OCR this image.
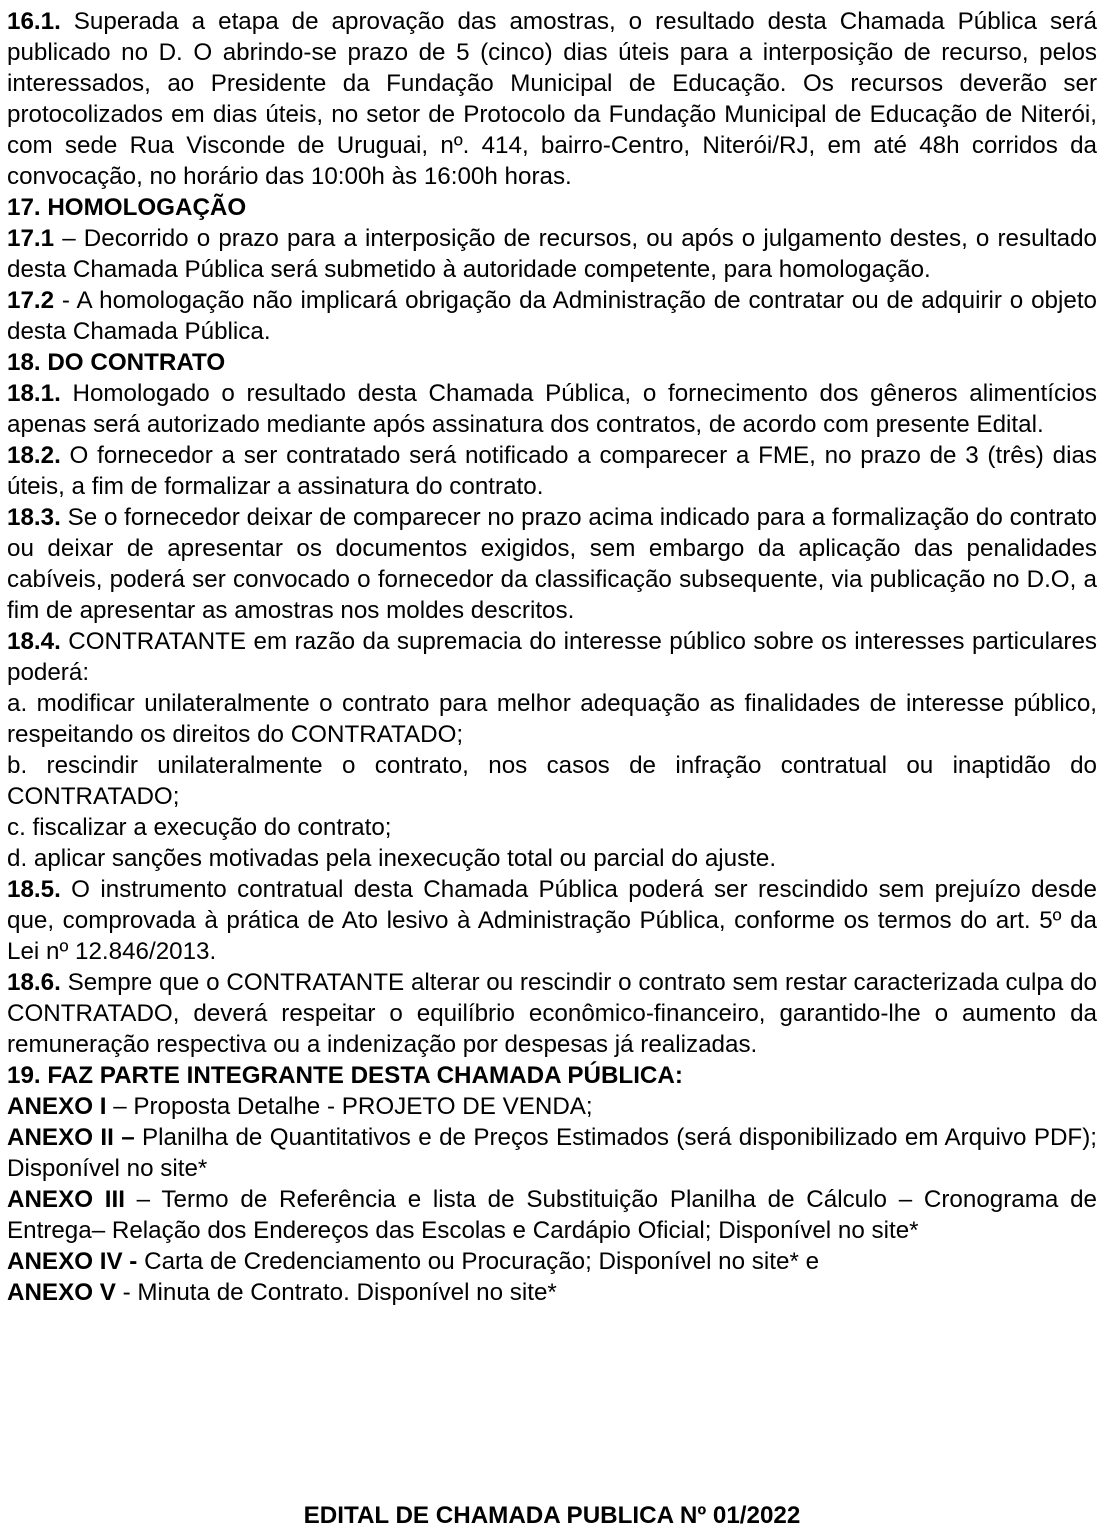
16.1. Superada a etapa de aprovação das amostras, o resultado desta Chamada Pública será publicado no D. O abrindo-se prazo de 5 (cinco) dias úteis para a interposição de recurso, pelos interessados, ao Presidente da Fundação Municipal de Educação. Os recursos deverão ser protocolizados em dias úteis, no setor de Protocolo da Fundação Municipal de Educação de Niterói, com sede Rua Visconde de Uruguai, nº. 414, bairro-Centro, Niterói/RJ, em até 48h corridos da convocação, no horário das 10:00h às 16:00h horas.

17. HOMOLOGAÇÃO

17.1 – Decorrido o prazo para a interposição de recursos, ou após o julgamento destes, o resultado desta Chamada Pública será submetido à autoridade competente, para homologação.

17.2 - A homologação não implicará obrigação da Administração de contratar ou de adquirir o objeto desta Chamada Pública.

18. DO CONTRATO

18.1. Homologado o resultado desta Chamada Pública, o fornecimento dos gêneros alimentícios apenas será autorizado mediante após assinatura dos contratos, de acordo com presente Edital.

18.2. O fornecedor a ser contratado será notificado a comparecer a FME, no prazo de 3 (três) dias úteis, a fim de formalizar a assinatura do contrato.

18.3. Se o fornecedor deixar de comparecer no prazo acima indicado para a formalização do contrato ou deixar de apresentar os documentos exigidos, sem embargo da aplicação das penalidades cabíveis, poderá ser convocado o fornecedor da classificação subsequente, via publicação no D.O, a fim de apresentar as amostras nos moldes descritos.

18.4. CONTRATANTE em razão da supremacia do interesse público sobre os interesses particulares poderá:

a. modificar unilateralmente o contrato para melhor adequação as finalidades de interesse público, respeitando os direitos do CONTRATADO;

b. rescindir unilateralmente o contrato, nos casos de infração contratual ou inaptidão do CONTRATADO;

c. fiscalizar a execução do contrato;

d. aplicar sanções motivadas pela inexecução total ou parcial do ajuste.

18.5. O instrumento contratual desta Chamada Pública poderá ser rescindido sem prejuízo desde que, comprovada à prática de Ato lesivo à Administração Pública, conforme os termos do art. 5º da Lei nº 12.846/2013.

18.6. Sempre que o CONTRATANTE alterar ou rescindir o contrato sem restar caracterizada culpa do CONTRATADO, deverá respeitar o equilíbrio econômico-financeiro, garantido-lhe o aumento da remuneração respectiva ou a indenização por despesas já realizadas.

19. FAZ PARTE INTEGRANTE DESTA CHAMADA PÚBLICA:

ANEXO I – Proposta Detalhe - PROJETO DE VENDA;

ANEXO II – Planilha de Quantitativos e de Preços Estimados (será disponibilizado em Arquivo PDF); Disponível no site*

ANEXO III – Termo de Referência e lista de Substituição Planilha de Cálculo – Cronograma de Entrega– Relação dos Endereços das Escolas e Cardápio Oficial; Disponível no site*

ANEXO IV - Carta de Credenciamento ou Procuração; Disponível no site* e

ANEXO V - Minuta de Contrato. Disponível no site*

EDITAL DE CHAMADA PUBLICA Nº 01/2022
